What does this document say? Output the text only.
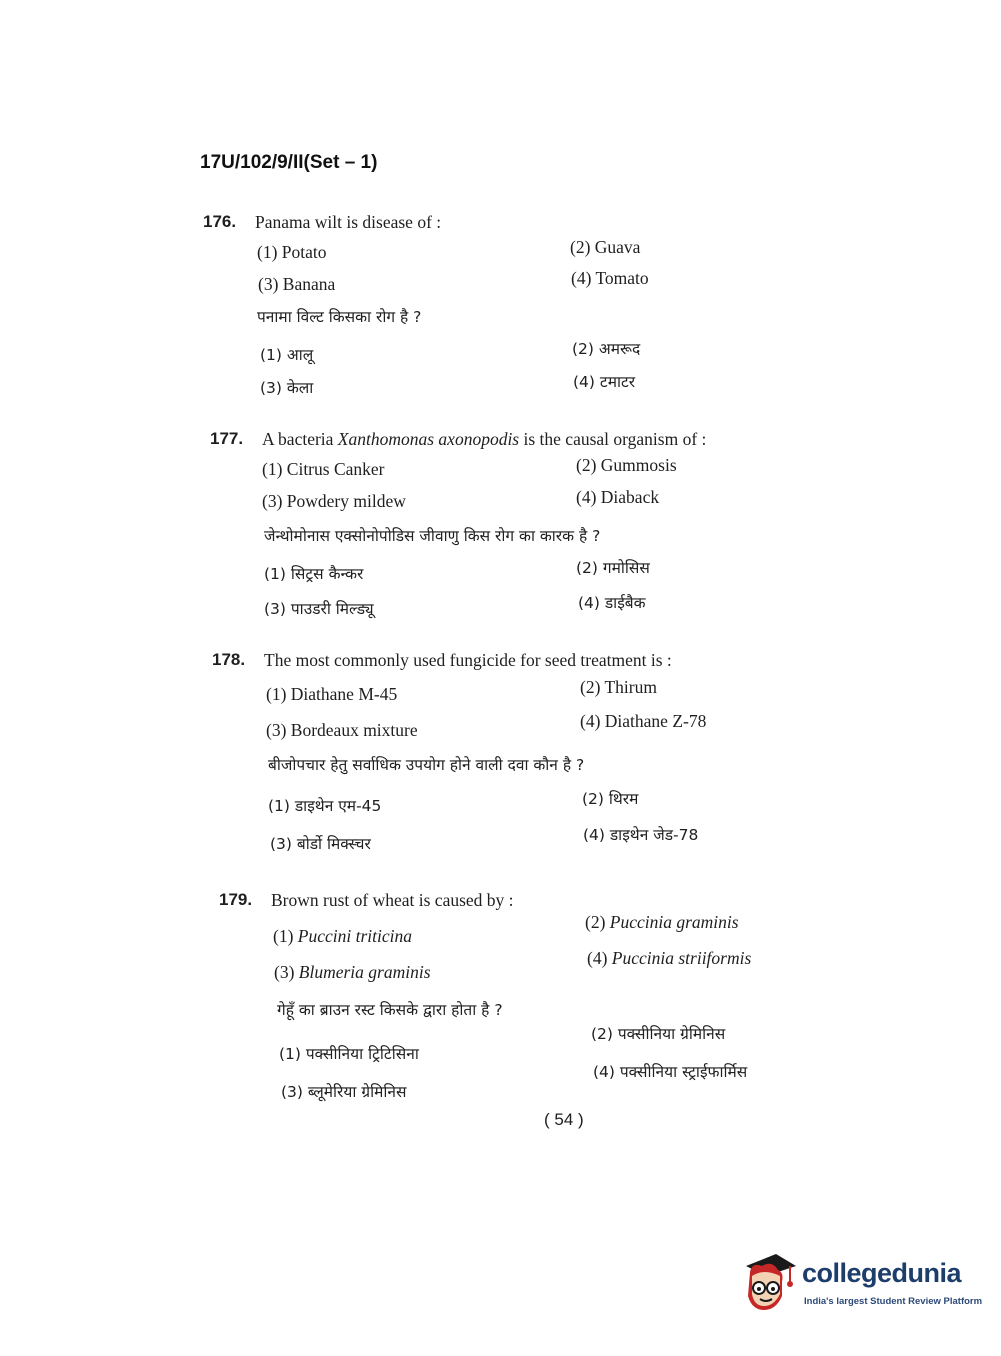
17U/102/9/II(Set – 1)
176. Panama wilt is disease of :
(1) Potato	(2) Guava
(3) Banana	(4) Tomato
पनामा विल्ट किसका रोग है ?
(1) आलू	(2) अमरूद
(3) केला	(4) टमाटर
177. A bacteria Xanthomonas axonopodis is the causal organism of :
(1) Citrus Canker	(2) Gummosis
(3) Powdery mildew	(4) Diaback
जेन्थोमोनास एक्सोनोपोडिस जीवाणु किस रोग का कारक है ?
(1) सिट्रस कैन्कर	(2) गमोसिस
(3) पाउडरी मिल्ड्यू	(4) डाईबैक
178. The most commonly used fungicide for seed treatment is :
(1) Diathane M-45	(2) Thirum
(3) Bordeaux mixture	(4) Diathane Z-78
बीजोपचार हेतु सर्वाधिक उपयोग होने वाली दवा कौन है ?
(1) डाइथेन एम-45	(2) थिरम
(3) बोर्डो मिक्स्चर	(4) डाइथेन जेड-78
179. Brown rust of wheat is caused by :
(1) Puccini triticina
(2) Puccinia graminis
(3) Blumeria graminis
(4) Puccinia striiformis
गेहूँ का ब्राउन रस्ट किसके द्वारा होता है ?
(1) पक्सीनिया ट्रिटिसिना
(2) पक्सीनिया ग्रेमिनिस
(3) ब्लूमेरिया ग्रेमिनिस
(4) पक्सीनिया स्ट्राईफार्मिस
( 54 )
collegedunia
India's largest Student Review Platform
